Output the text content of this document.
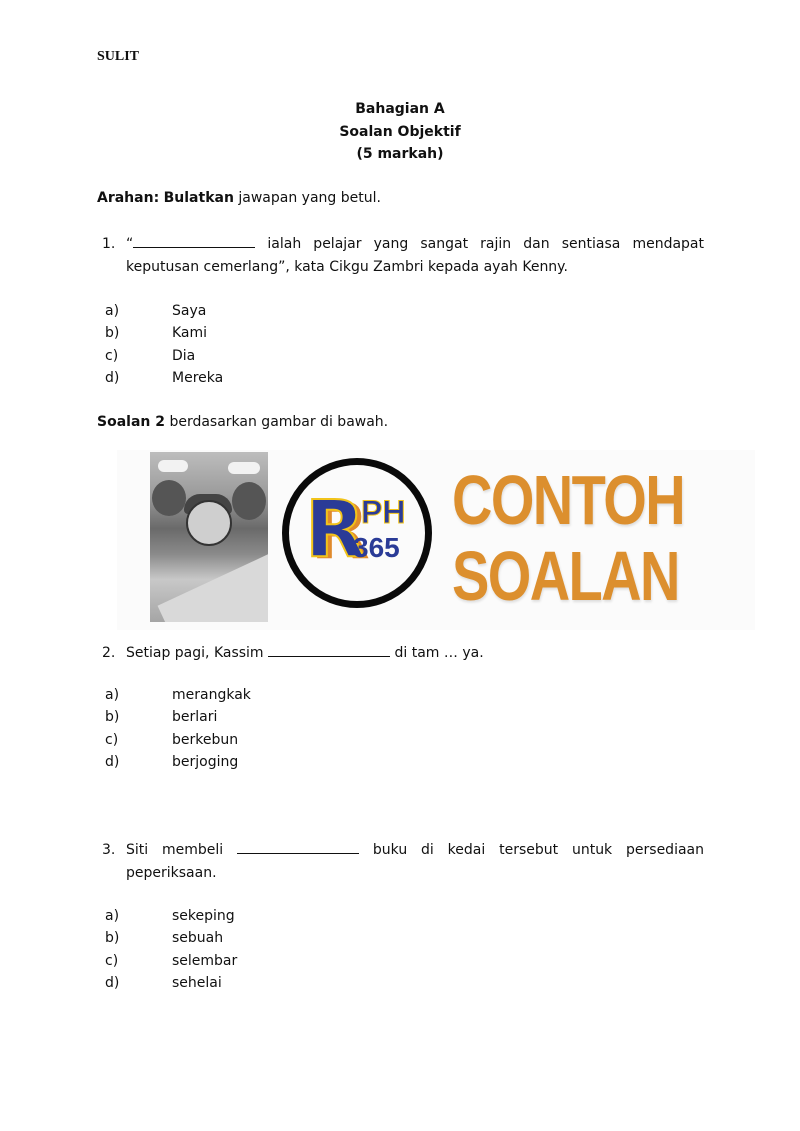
SULIT
Bahagian A
Soalan Objektif
(5 markah)
Arahan: Bulatkan jawapan yang betul.
1. “	ialah pelajar yang sangat rajin dan sentiasa mendapat keputusan cemerlang”, kata Cikgu Zambri kepada ayah Kenny.
a)	Saya
b)	Kami
c)	Dia
d)	Mereka
Soalan 2 berdasarkan gambar di bawah.
R
PH
365
CONTOH
SOALAN
2. Setiap pagi, Kassim	di tam … ya.
a)	merangkak
b)	berlari
c)	berkebun
d)	berjoging
3. Siti membeli	buku di kedai tersebut untuk persediaan peperiksaan.
a)	sekeping
b)	sebuah
c)	selembar
d)	sehelai
